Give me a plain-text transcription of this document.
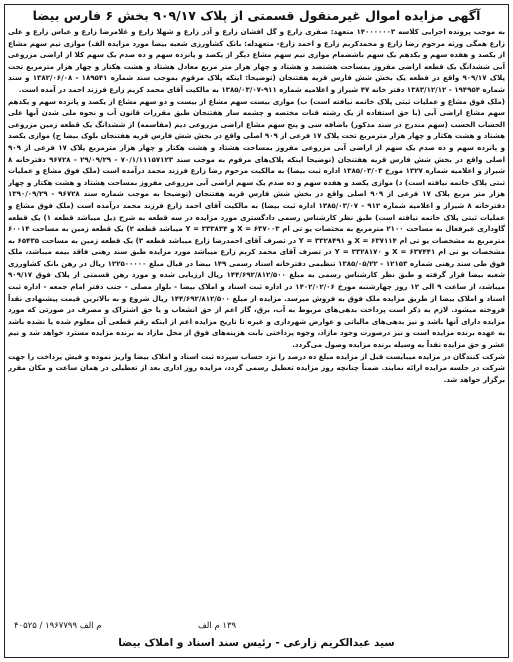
آگهی مزایده اموال غیرمنقول قسمتی از پلاک ۹۰۹/۱۷ بخش ۶ فارس بیضا

به موجب پرونده اجرایی کلاسه ۱۴۰۰۰۰۰۰۳ متعهد: صفری زارع و گل افشان زارع و آذر زارع و شهلا زارع و غلامرضا زارع و عباس زارع و علی زارع همگی ورثه مرحوم رضا زارع و محمدکریم زارع و احمد زارع- متعهدله: بانک کشاورزی شعبه بیضا مورد مزایده الف) موازی نیم سهم مشاع از یکصد و هفده سهم و یکدهم یک سهم باشضمام موازی نیم سهم مشاع دیگر از یکصد و پانزده سهم و ده صدم یک سهم کلا از اراضی مزروعی آبی ششدانگ یک قطعه اراضی مفروز بمساحت هشتصد و هشتاد و چهار هزار متر مربع معادل هشتاد و هشت هکتار و چهار هزار مترمربع تحت پلاک ۹۰۹/۱۷ واقع در قطعه یک بخش شش فارس قریه هفتنجان (توضیحا: اینکه پلاک مرقوم بموجب سند شماره ۱۸۹۵۴۱ - ۱۳۸۲/۰۶/۰۸ و سند شماره ۱۹۴۹۵۴ - ۱۳۸۳/۱۲/۱۲ دفتر خانه ۴۷ شیراز و اعلامیه شماره ۹۱۱-۱۳۸۵/۰۳/۰۷ به مالکیت آقای محمد کریم زارع فرزند احمد در آمده است.

(ملک فوق مشاع و عملیات ثبتی پلاک خاتمه نیافته است) ب) موازی بیست سهم مشاع از بیست و دو سهم مشاع از یکصد و پانزده سهم و یکدهم سهم مشاع اراضی آبی (با حق استفاده از یک رشته قنات مختصه و چشمه سار هفتنجان طبق مقررات قانون آب و نحوه ملی شدن آبها علی الحساب الحسب (سهم مندرج در سند مذکور) باضافه سی و پنج سهم مشاع اراضی مزروعی دیم (مقاسمه) از ششدانگ یک قطعه زمین مزروعی هشتاد و هشت هکتار و چهار هزار مترمربع تحت پلاک ۱۷ فرعی از ۹۰۹ اصلی واقع در بخش شش فارس قریه هفتنجان بلوک بیضا ج) موازی یکصد و پانزده سهم و ده صدم یک سهم از اراضی آبی مزروعی مفروز بمساحت هشتاد و هشت هکتار و چهار هزار مترمربع پلاک ۱۷ فرعی از ۹۰۹ اصلی واقع در بخش شش فارس قریه هفتنجان (توضیحا اینکه پلاک‌های مرقوم به موجب سند ۷۰/۱/۱۱۱۵۷۱۲۳ - ۲۹/۰۹/۲۹ - ۹۶۷۲۸ دفترخانه ۸ شیراز و اعلامیه شماره ۱۳۲۷ مورخ ۱۳۸۵/۰۳/۰۳ اداره ثبت بیضا) به مالکیت مرحوم رضا زارع فرزند محمد درآمده است (ملک فوق مشاع و عملیات ثبتی پلاک خاتمه نیافته است) د) موازی یکصد و هفده سهم و ده صدم یک سهم اراضی آبی مزروعی مفروز بمساحت هشتاد و هشت هکتار و چهار هزار متر مربع پلاک ۱۷ فرعی از ۹۰۹ اصلی واقع در بخش شش فارس قریه هفتنجان (توضیحا به موجب شماره سند ۹۶۷۲۸ - ۱۳۹۰/۰۹/۲۹ دفترخانه ۸ شیراز و اعلامیه شماره ۹۱۲ - ۱۳۸۵/۰۳/۰۷ اداره ثبت بیضا) به مالکیت آقای احمد زارع فرزند محمد درآمده است (ملک فوق مشاع و عملیات ثبتی پلاک خاتمه نیافته است) طبق نظر کارشناس رسمی دادگستری مورد مزایده در سه قطعه به شرح ذیل میباشد قطعه ۱) یک قطعه گاوداری غیرفعال به مساحت ۲۱۰۰ مترمربع به مختصات یو تی ام ۶۳۷۰۰۳ = X و ۳۳۳۸۳۴ = Y میباشد قطعه ۲) یک قطعه زمین به مساحت ۶۰۰۱۴ مترمربع به مشخصات یو تی ام ۶۳۷۱۱۴ = X و ۳۳۲۸۴۹۱ = Y در تصرف آقای احمدرضا زارع میباشد قطعه ۳) یک قطعه زمین به مساحت ۶۵۴۳۵ به مشخصات یو تی ام ۶۳۷۴۴۱ = X و ۳۳۲۸۱۷۰ = Y در تصرف آقای محمد کریم زارع میباشد مورد مزایده طبق سند رهنی فاقد بیمه میباشد، ملک فوق طی سند رهنی شماره ۱۲۱۵۳ - ۱۳۸۵/۰۵/۲۲ تنظیمی دفترخانه اسناد رسمی ۱۴۹ بیضا در قبال مبلغ ۱۲۲۵۰۰۰۰۰ ریال در رهن بانک کشاورزی شعبه بیضا قرار گرفته و طبق نظر کارشناس رسمی به مبلغ ۱۴۴/۶۹۲/۸۱۲/۵۰۰ ریال ارزیابی شده و مورد رهن قسمتی از پلاک فوق ۹۰۹/۱۷ میباشد، از ساعت ۹ الی ۱۲ روز چهارشنبه مورخ ۱۴۰۲/۰۲/۰۶ در اداره ثبت اسناد و املاک بیضا - بلوار مصلی - جنب دفتر امام جمعه - اداره ثبت اسناد و املاک بیضا از طریق مزایده ملک فوق به فروش میرسد. مزایده از مبلغ ۱۴۴/۶۹۲/۸۱۲/۵۰۰ ریال شروع و به بالاترین قیمت پیشنهادی نقداً فروخته میشود. لازم به ذکر است پرداخت بدهی‌های مربوط به آب، برق، گاز اعم از حق انشعاب و یا حق اشتراک و مصرف در صورتی که مورد مزایده دارای آنها باشد و نیز بدهی‌های مالیاتی و عوارض شهرداری و غیره تا تاریخ مزایده اعم از اینکه رقم قطعی آن معلوم شده یا نشده باشد به عهده برنده مزایده است و نیز درصورت وجود مازاد، وجوه پرداختی بابت هزینه‌های فوق از محل مازاد به برنده مزایده مسترد خواهد شد و نیم عشر و حق مزایده نقداً به وسیله برنده مزایده وصول می‌گردد.

شرکت کنندگان در مزایده میبایست قبل از مزایده مبلغ ده درصد را نزد حساب سپرده ثبت اسناد و املاک بیضا واریز نموده و فیش پرداخت را جهت شرکت در جلسه مزایده ارائه نمایند. ضمناً چنانچه روز مزایده تعطیل رسمی گردد، مزایده روز اداری بعد از تعطیلی در همان ساعت و مکان مقرر برگزار خواهد شد.

۱۳۹ م الف
م الف ۱۹۶۷۷۹۹ / ۴۰۵۲۵
سید عبدالکریم زارعی - رئیس سند اسناد و املاک بیضا
